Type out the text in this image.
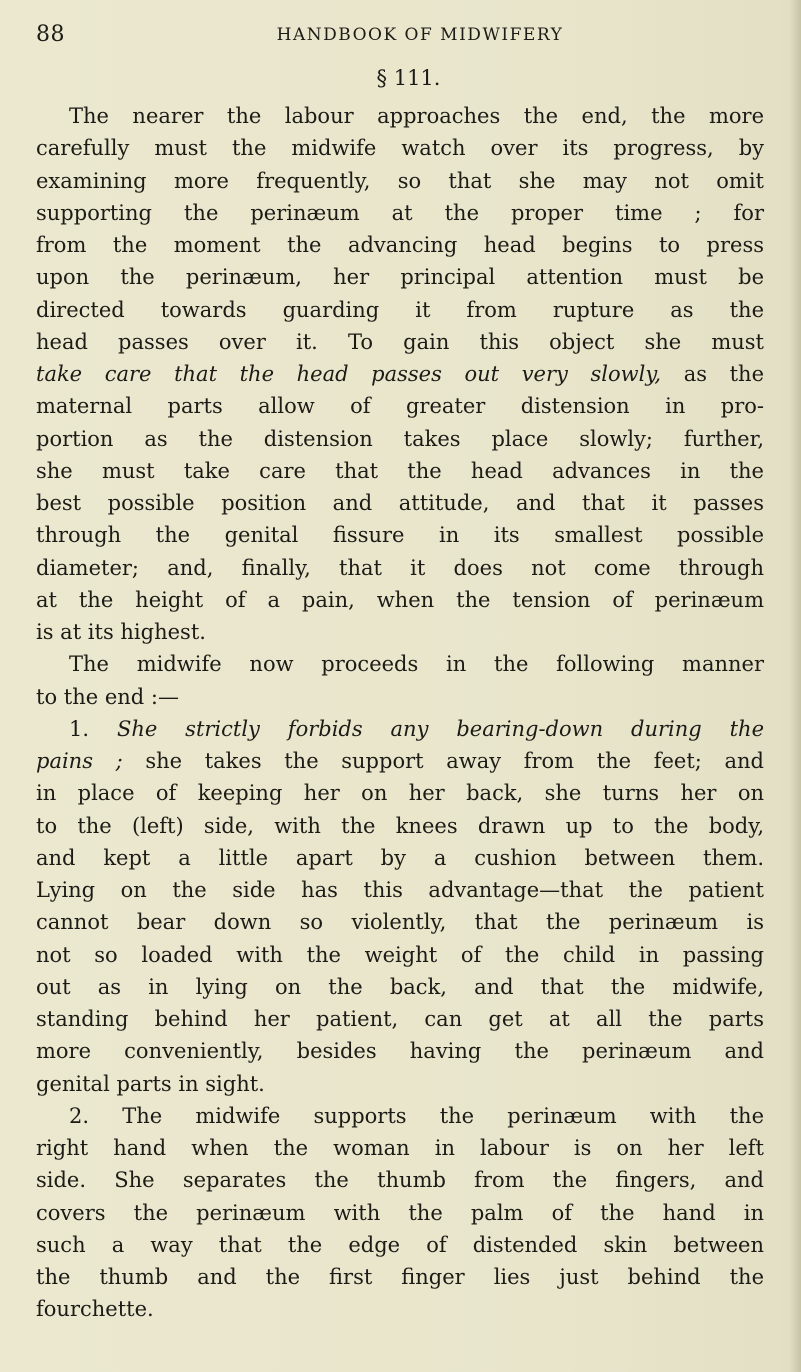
88	HANDBOOK OF MIDWIFERY
§ 111.
The nearer the labour approaches the end, the more
carefully must the midwife watch over its progress, by
examining more frequently, so that she may not omit
supporting the perinæum at the proper time ; for
from the moment the advancing head begins to press
upon the perinæum, her principal attention must be
directed towards guarding it from rupture as the
head passes over it. To gain this object she must
take care that the head passes out very slowly, as the
maternal parts allow of greater distension in pro-
portion as the distension takes place slowly; further,
she must take care that the head advances in the
best possible position and attitude, and that it passes
through the genital fissure in its smallest possible
diameter; and, finally, that it does not come through
at the height of a pain, when the tension of perinæum
is at its highest.
The midwife now proceeds in the following manner
to the end :—
1. She strictly forbids any bearing-down during the
pains ; she takes the support away from the feet; and
in place of keeping her on her back, she turns her on
to the (left) side, with the knees drawn up to the body,
and kept a little apart by a cushion between them.
Lying on the side has this advantage—that the patient
cannot bear down so violently, that the perinæum is
not so loaded with the weight of the child in passing
out as in lying on the back, and that the midwife,
standing behind her patient, can get at all the parts
more conveniently, besides having the perinæum and
genital parts in sight.
2. The midwife supports the perinæum with the
right hand when the woman in labour is on her left
side. She separates the thumb from the fingers, and
covers the perinæum with the palm of the hand in
such a way that the edge of distended skin between
the thumb and the first finger lies just behind the
fourchette.
